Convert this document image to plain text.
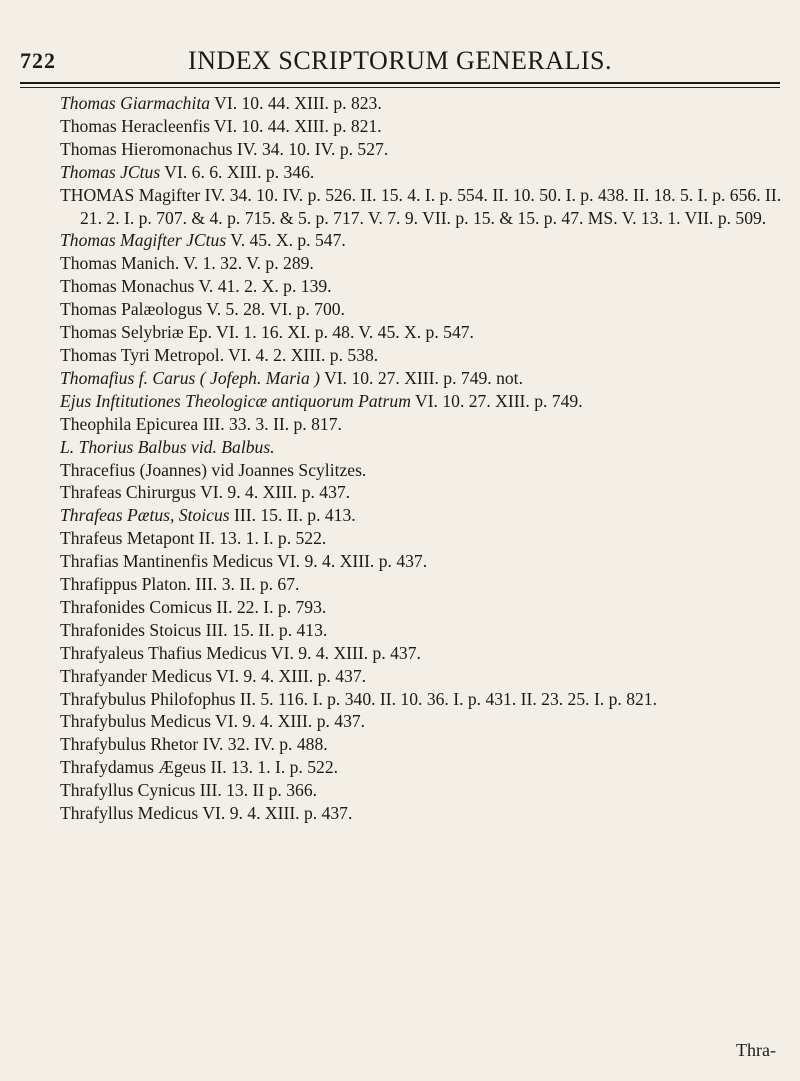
722	INDEX SCRIPTORUM GENERALIS.
Thomas Giarmachita VI. 10. 44. XIII. p. 823.
Thomas Heracleenfis VI. 10. 44. XIII. p. 821.
Thomas Hieromonachus IV. 34. 10. IV. p. 527.
Thomas JCtus VI. 6. 6. XIII. p. 346.
THOMAS Magifter IV. 34. 10. IV. p. 526. II. 15. 4. I. p. 554. II. 10. 50. I. p. 438. II. 18. 5. I. p. 656. II. 21. 2. I. p. 707. & 4. p. 715. & 5. p. 717. V. 7. 9. VII. p. 15. & 15. p. 47. MS. V. 13. 1. VII. p. 509.
Thomas Magifter JCtus V. 45. X. p. 547.
Thomas Manich. V. 1. 32. V. p. 289.
Thomas Monachus V. 41. 2. X. p. 139.
Thomas Palæologus V. 5. 28. VI. p. 700.
Thomas Selybriæ Ep. VI. 1. 16. XI. p. 48. V. 45. X. p. 547.
Thomas Tyri Metropol. VI. 4. 2. XIII. p. 538.
Thomafius f. Carus ( Jofeph. Maria ) VI. 10. 27. XIII. p. 749. not.
Ejus Inftitutiones Theologicæ antiquorum Patrum VI. 10. 27. XIII. p. 749.
Theophila Epicurea III. 33. 3. II. p. 817.
L. Thorius Balbus vid. Balbus.
Thracefius (Joannes) vid Joannes Scylitzes.
Thrafeas Chirurgus VI. 9. 4. XIII. p. 437.
Thrafeas Pætus, Stoicus III. 15. II. p. 413.
Thrafeus Metapont II. 13. 1. I. p. 522.
Thrafias Mantinenfis Medicus VI. 9. 4. XIII. p. 437.
Thrafippus Platon. III. 3. II. p. 67.
Thrafonides Comicus II. 22. I. p. 793.
Thrafonides Stoicus III. 15. II. p. 413.
Thrafyaleus Thafius Medicus VI. 9. 4. XIII. p. 437.
Thrafyander Medicus VI. 9. 4. XIII. p. 437.
Thrafybulus Philofophus II. 5. 116. I. p. 340. II. 10. 36. I. p. 431. II. 23. 25. I. p. 821.
Thrafybulus Medicus VI. 9. 4. XIII. p. 437.
Thrafybulus Rhetor IV. 32. IV. p. 488.
Thrafydamus Ægeus II. 13. 1. I. p. 522.
Thrafyllus Cynicus III. 13. II p. 366.
Thrafyllus Medicus VI. 9. 4. XIII. p. 437.
Thra-
